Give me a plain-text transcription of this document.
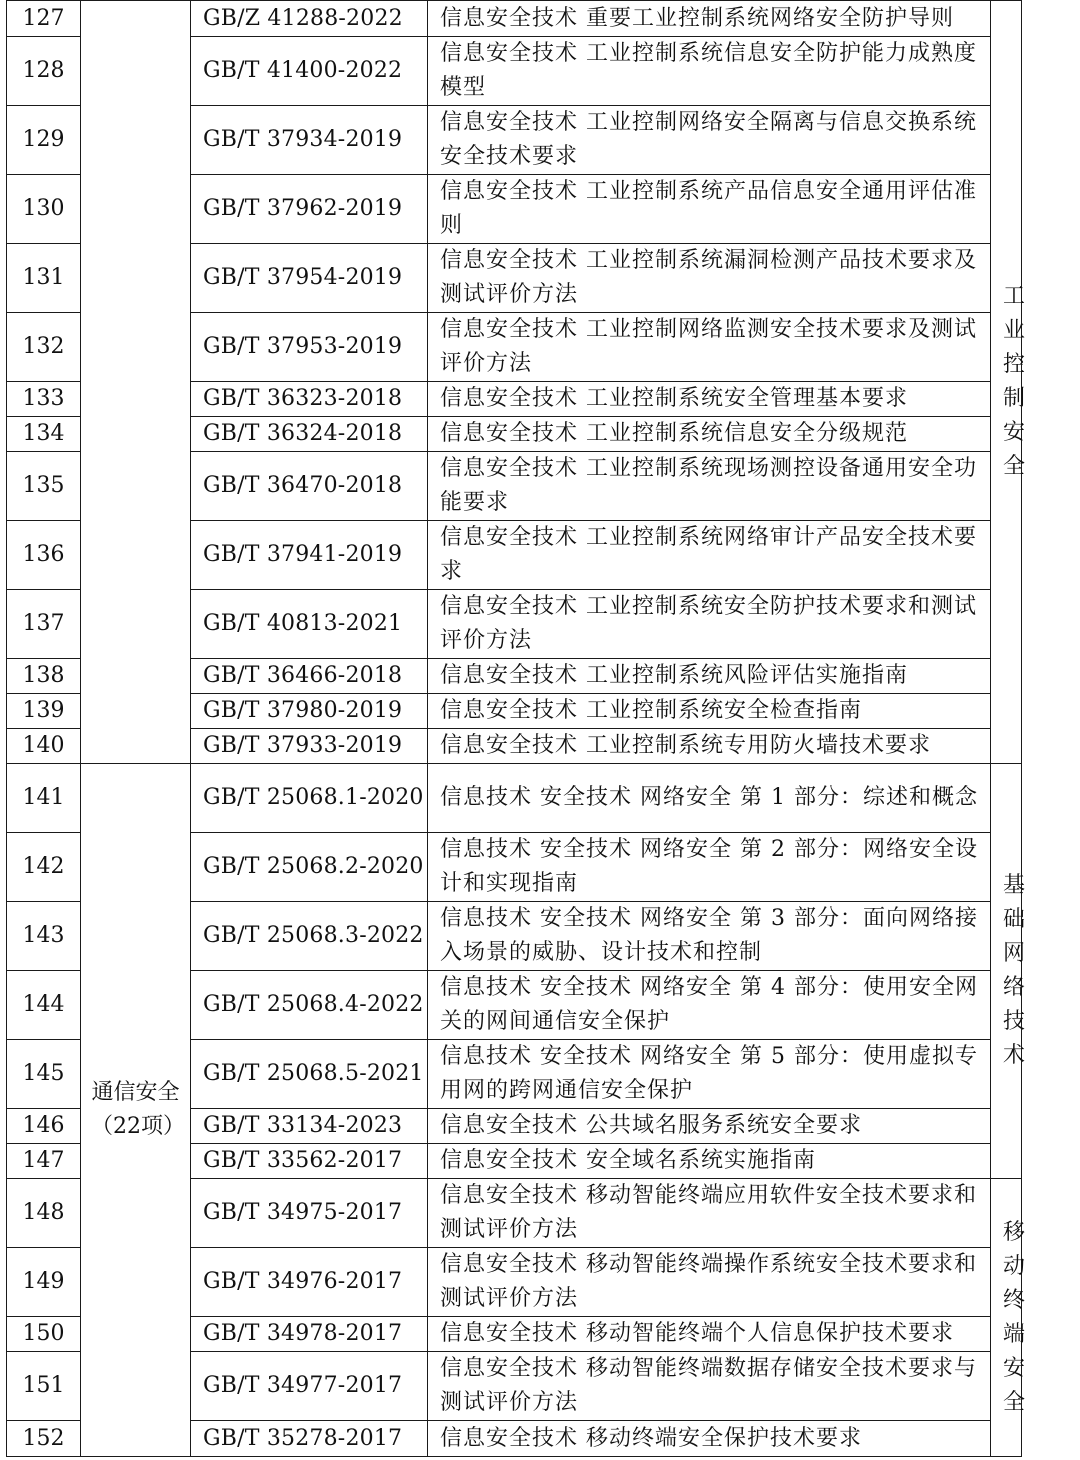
127		GB/Z 41288-2022	信息安全技术 重要工业控制系统网络安全防护导则	工业控制安全
128		GB/T 41400-2022	信息安全技术 工业控制系统信息安全防护能力成熟度模型	
129		GB/T 37934-2019	信息安全技术 工业控制网络安全隔离与信息交换系统安全技术要求	
130		GB/T 37962-2019	信息安全技术 工业控制系统产品信息安全通用评估准则	
131		GB/T 37954-2019	信息安全技术 工业控制系统漏洞检测产品技术要求及测试评价方法	
132		GB/T 37953-2019	信息安全技术 工业控制网络监测安全技术要求及测试评价方法	
133		GB/T 36323-2018	信息安全技术 工业控制系统安全管理基本要求	
134		GB/T 36324-2018	信息安全技术 工业控制系统信息安全分级规范	
135		GB/T 36470-2018	信息安全技术 工业控制系统现场测控设备通用安全功能要求	
136		GB/T 37941-2019	信息安全技术 工业控制系统网络审计产品安全技术要求	
137		GB/T 40813-2021	信息安全技术 工业控制系统安全防护技术要求和测试评价方法	
138		GB/T 36466-2018	信息安全技术 工业控制系统风险评估实施指南	
139		GB/T 37980-2019	信息安全技术 工业控制系统安全检查指南	
140		GB/T 37933-2019	信息安全技术 工业控制系统专用防火墙技术要求	
141	通信安全（22项）	GB/T 25068.1-2020	信息技术 安全技术 网络安全 第 1 部分：综述和概念	基础网络技术
142		GB/T 25068.2-2020	信息技术 安全技术 网络安全 第 2 部分：网络安全设计和实现指南	
143		GB/T 25068.3-2022	信息技术 安全技术 网络安全 第 3 部分：面向网络接入场景的威胁、设计技术和控制	
144		GB/T 25068.4-2022	信息技术 安全技术 网络安全 第 4 部分：使用安全网关的网间通信安全保护	
145		GB/T 25068.5-2021	信息技术 安全技术 网络安全 第 5 部分：使用虚拟专用网的跨网通信安全保护	
146		GB/T 33134-2023	信息安全技术 公共域名服务系统安全要求	
147		GB/T 33562-2017	信息安全技术 安全域名系统实施指南	
148		GB/T 34975-2017	信息安全技术 移动智能终端应用软件安全技术要求和测试评价方法	移动终端安全
149		GB/T 34976-2017	信息安全技术 移动智能终端操作系统安全技术要求和测试评价方法	
150		GB/T 34978-2017	信息安全技术 移动智能终端个人信息保护技术要求	
151		GB/T 34977-2017	信息安全技术 移动智能终端数据存储安全技术要求与测试评价方法	
152		GB/T 35278-2017	信息安全技术 移动终端安全保护技术要求	
